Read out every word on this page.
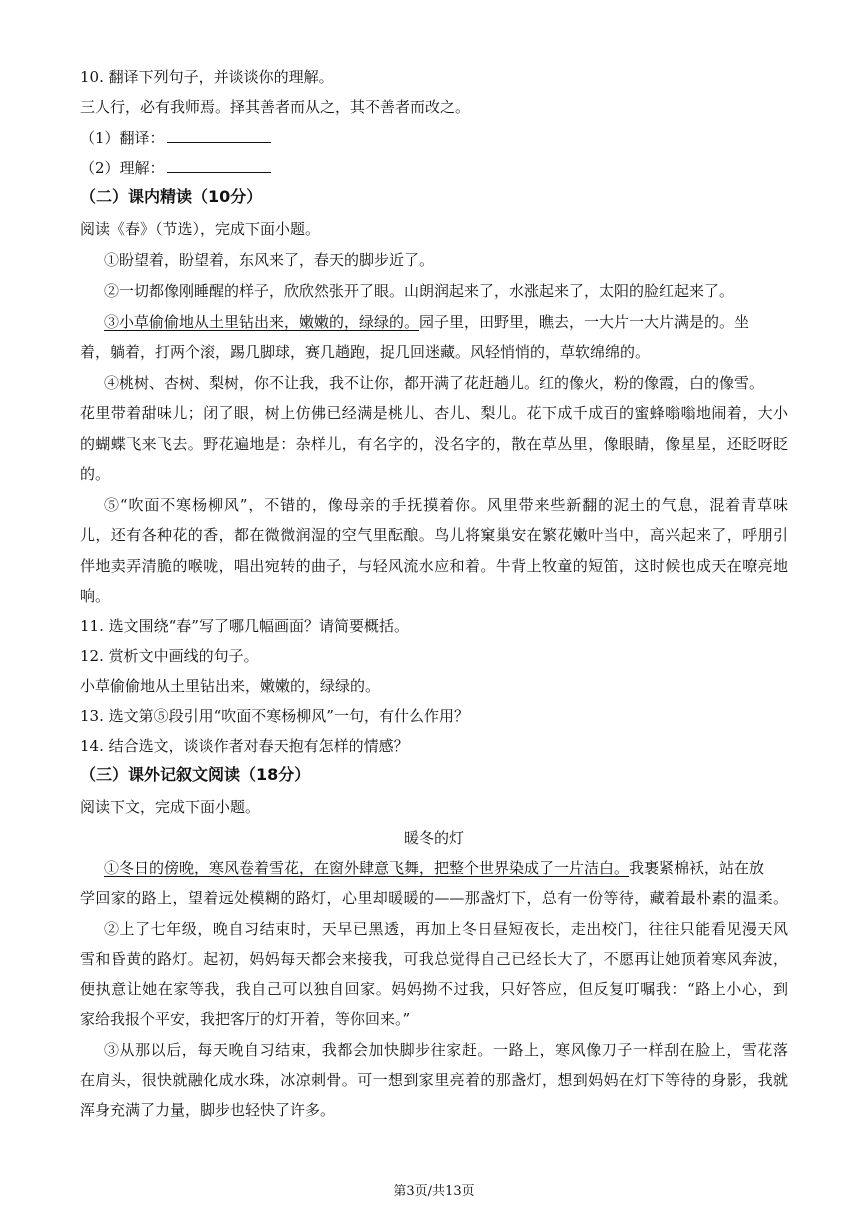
10. 翻译下列句子，并谈谈你的理解。
三人行，必有我师焉。择其善者而从之，其不善者而改之。
（1）翻译：
（2）理解：
（二）课内精读（10分）
阅读《春》（节选），完成下面小题。
①盼望着，盼望着，东风来了，春天的脚步近了。
②一切都像刚睡醒的样子，欣欣然张开了眼。山朗润起来了，水涨起来了，太阳的脸红起来了。
③小草偷偷地从土里钻出来，嫩嫩的，绿绿的。园子里，田野里，瞧去，一大片一大片满是的。坐
着，躺着，打两个滚，踢几脚球，赛几趟跑，捉几回迷藏。风轻悄悄的，草软绵绵的。
④桃树、杏树、梨树，你不让我，我不让你，都开满了花赶趟儿。红的像火，粉的像霞，白的像雪。
花里带着甜味儿；闭了眼，树上仿佛已经满是桃儿、杏儿、梨儿。花下成千成百的蜜蜂嗡嗡地闹着，大小
的蝴蝶飞来飞去。野花遍地是：杂样儿，有名字的，没名字的，散在草丛里，像眼睛，像星星，还眨呀眨
的。
⑤“吹面不寒杨柳风”，不错的，像母亲的手抚摸着你。风里带来些新翻的泥土的气息，混着青草味
儿，还有各种花的香，都在微微润湿的空气里酝酿。鸟儿将窠巢安在繁花嫩叶当中，高兴起来了，呼朋引
伴地卖弄清脆的喉咙，唱出宛转的曲子，与轻风流水应和着。牛背上牧童的短笛，这时候也成天在嘹亮地
响。
11. 选文围绕“春”写了哪几幅画面？请简要概括。
12. 赏析文中画线的句子。
小草偷偷地从土里钻出来，嫩嫩的，绿绿的。
13. 选文第⑤段引用“吹面不寒杨柳风”一句，有什么作用？
14. 结合选文，谈谈作者对春天抱有怎样的情感？
（三）课外记叙文阅读（18分）
阅读下文，完成下面小题。
暖冬的灯
①冬日的傍晚，寒风卷着雪花，在窗外肆意飞舞，把整个世界染成了一片洁白。我裹紧棉袄，站在放
学回家的路上，望着远处模糊的路灯，心里却暖暖的——那盏灯下，总有一份等待，藏着最朴素的温柔。
②上了七年级，晚自习结束时，天早已黑透，再加上冬日昼短夜长，走出校门，往往只能看见漫天风
雪和昏黄的路灯。起初，妈妈每天都会来接我，可我总觉得自己已经长大了，不愿再让她顶着寒风奔波，
便执意让她在家等我，我自己可以独自回家。妈妈拗不过我，只好答应，但反复叮嘱我：“路上小心，到
家给我报个平安，我把客厅的灯开着，等你回来。”
③从那以后，每天晚自习结束，我都会加快脚步往家赶。一路上，寒风像刀子一样刮在脸上，雪花落
在肩头，很快就融化成水珠，冰凉刺骨。可一想到家里亮着的那盏灯，想到妈妈在灯下等待的身影，我就
浑身充满了力量，脚步也轻快了许多。
第3页/共13页
